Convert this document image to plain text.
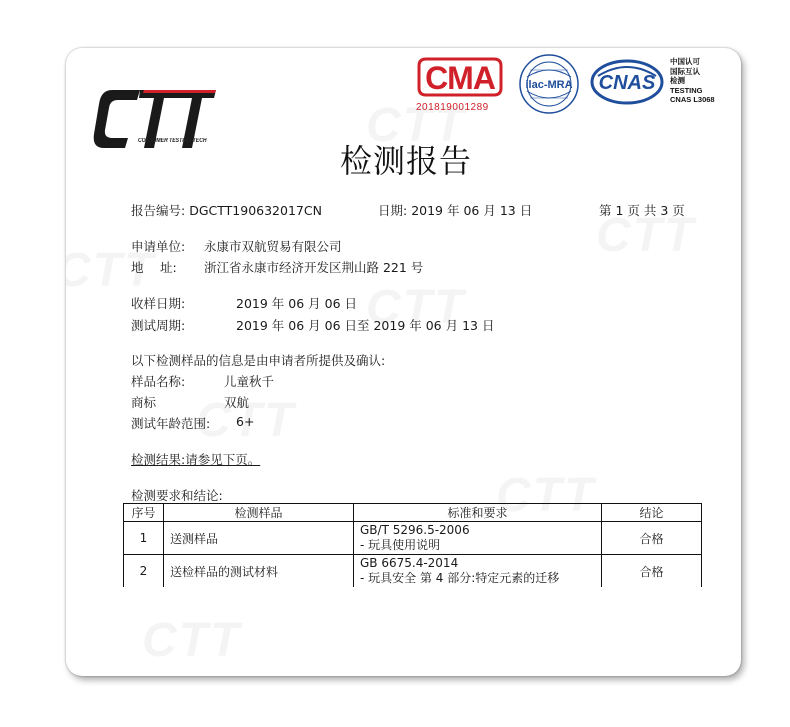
CONSUMER TESTING TECH
CMA
201819001289
ilac-MRA CNAS
中国认可
国际互认
检测
TESTING
CNAS L3068
检测报告
报告编号: DGCTT190632017CN	日期: 2019 年 06 月 13 日	第 1 页 共 3 页
申请单位: 永康市双航贸易有限公司
地　 址: 浙江省永康市经济开发区荆山路 221 号
收样日期:	2019 年 06 月 06 日
测试周期:	2019 年 06 月 06 日至 2019 年 06 月 13 日
以下检测样品的信息是由申请者所提供及确认:
样品名称:	儿童秋千
商标	双航
测试年龄范围: 6+
检测结果:请参见下页。
检测要求和结论:
序号	检测样品	标准和要求	结论
1	送测样品	GB/T 5296.5-2006
- 玩具使用说明	合格
2	送检样品的测试材料	GB 6675.4-2014
- 玩具安全 第 4 部分:特定元素的迁移	合格
